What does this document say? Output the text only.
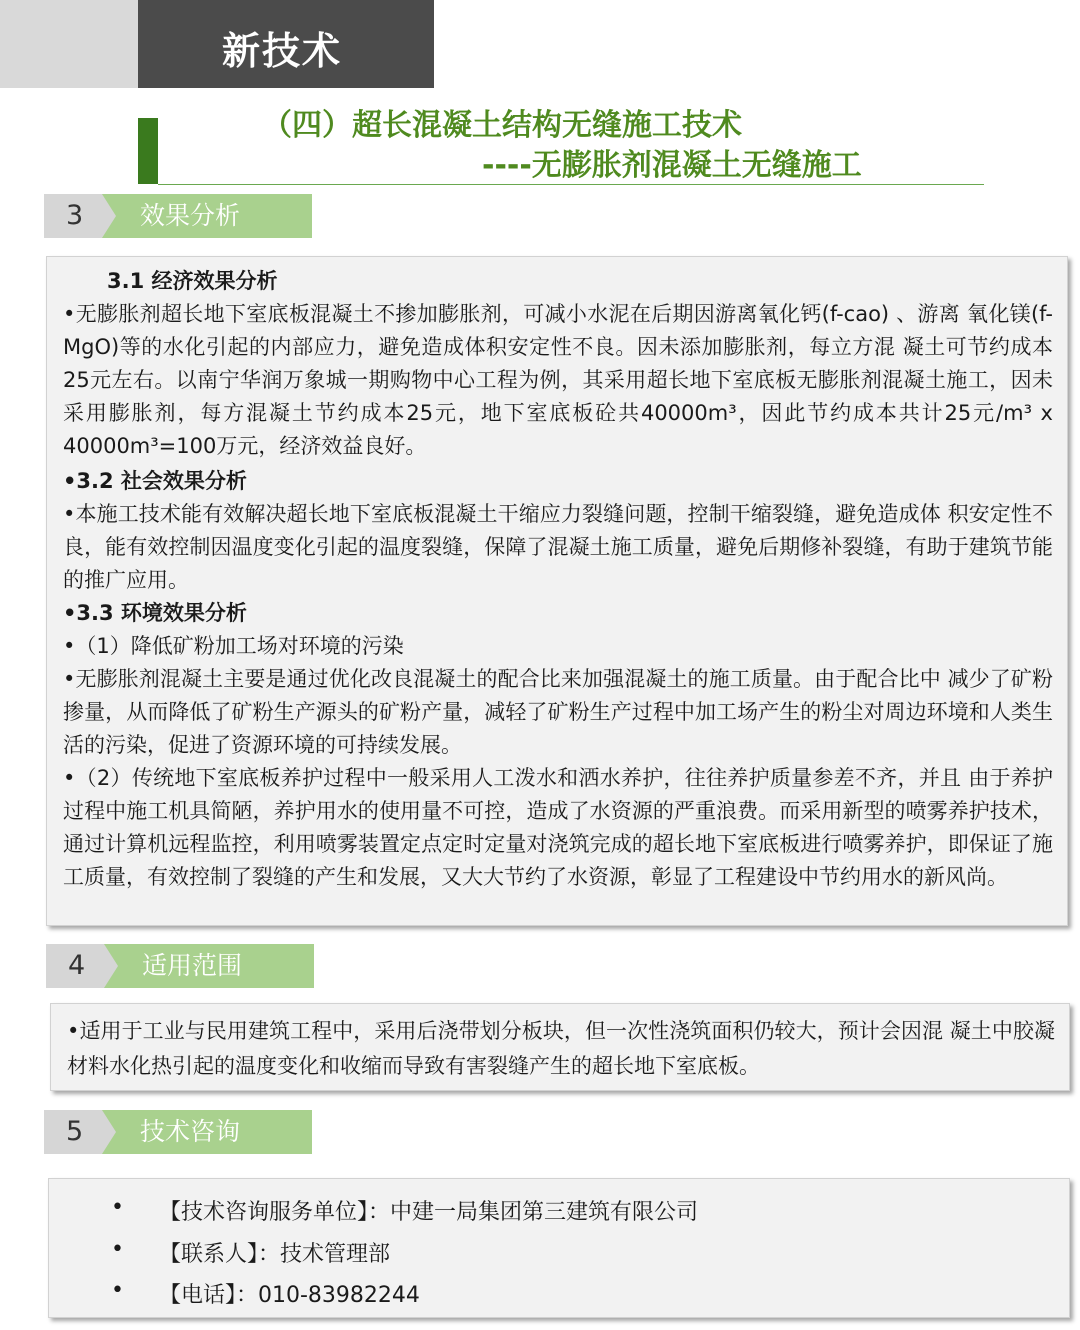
新技术
（四）超长混凝土结构无缝施工技术
----无膨胀剂混凝土无缝施工
3	效果分析

3.1 经济效果分析

•无膨胀剂超长地下室底板混凝土不掺加膨胀剂，可减小水泥在后期因游离氧化钙(f-cao) 、游离 氧化镁(f-MgO)等的水化引起的内部应力，避免造成体积安定性不良。因未添加膨胀剂，每立方混 凝土可节约成本25元左右。以南宁华润万象城一期购物中心工程为例，其采用超长地下室底板无膨胀剂混凝土施工，因未采用膨胀剂，每方混凝土节约成本25元，地下室底板砼共40000m³，因此节约成本共计25元/m³ x 40000m³=100万元，经济效益良好。

•3.2 社会效果分析

•本施工技术能有效解决超长地下室底板混凝土干缩应力裂缝问题，控制干缩裂缝，避免造成体 积安定性不良，能有效控制因温度变化引起的温度裂缝，保障了混凝土施工质量，避免后期修补裂缝，有助于建筑节能的推广应用。

•3.3 环境效果分析

•（1）降低矿粉加工场对环境的污染

•无膨胀剂混凝土主要是通过优化改良混凝土的配合比来加强混凝土的施工质量。由于配合比中 减少了矿粉掺量，从而降低了矿粉生产源头的矿粉产量，减轻了矿粉生产过程中加工场产生的粉尘对周边环境和人类生活的污染，促进了资源环境的可持续发展。

•（2）传统地下室底板养护过程中一般采用人工泼水和洒水养护，往往养护质量参差不齐，并且 由于养护过程中施工机具简陋，养护用水的使用量不可控，造成了水资源的严重浪费。而采用新型的喷雾养护技术，通过计算机远程监控，利用喷雾装置定点定时定量对浇筑完成的超长地下室底板进行喷雾养护，即保证了施工质量，有效控制了裂缝的产生和发展，又大大节约了水资源，彰显了工程建设中节约用水的新风尚。

4	适用范围

•适用于工业与民用建筑工程中，采用后浇带划分板块，但一次性浇筑面积仍较大，预计会因混 凝土中胶凝材料水化热引起的温度变化和收缩而导致有害裂缝产生的超长地下室底板。

5	技术咨询
• 【技术咨询服务单位】：中建一局集团第三建筑有限公司
• 【联系人】：技术管理部
• 【电话】：010-83982244
